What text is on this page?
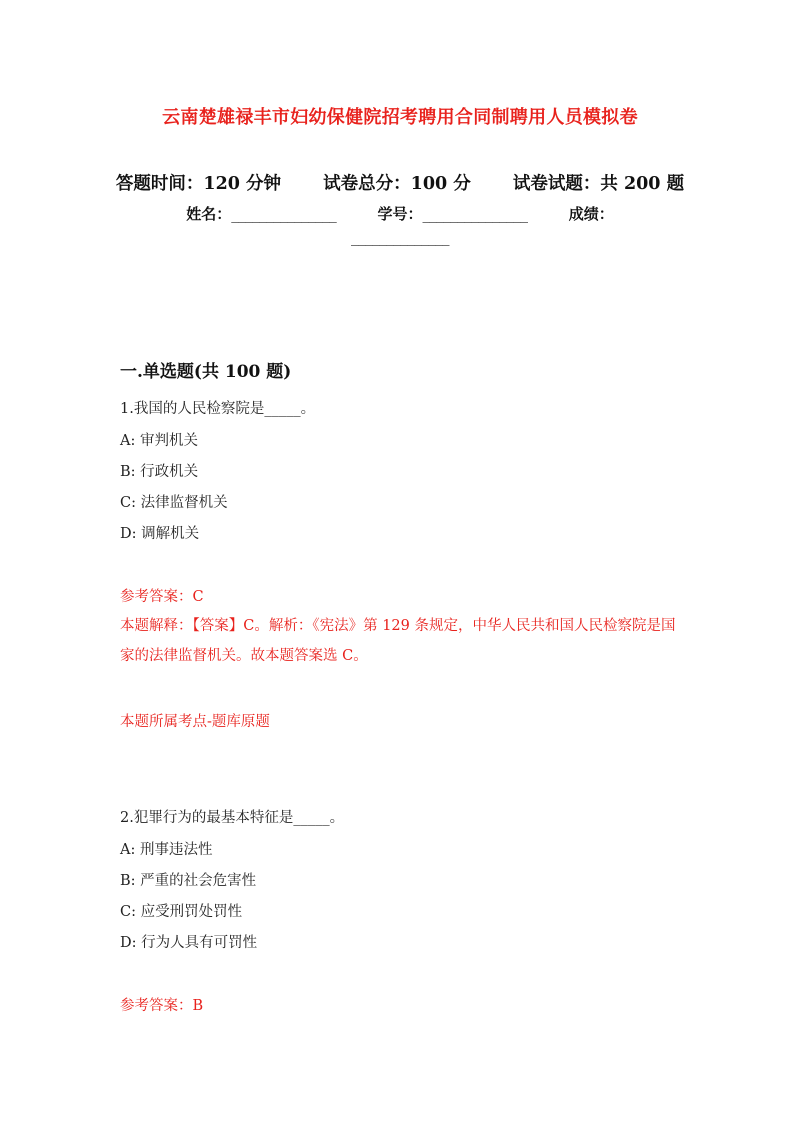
云南楚雄禄丰市妇幼保健院招考聘用合同制聘用人员模拟卷
答题时间：120 分钟 试卷总分：100 分 试卷试题：共 200 题
姓名：_______________	学号：_______________	成绩：
______________
一.单选题(共 100 题)
1.我国的人民检察院是_____。
A: 审判机关
B: 行政机关
C: 法律监督机关
D: 调解机关
参考答案：C
本题解释：【答案】C。解析：《宪法》第 129 条规定，中华人民共和国人民检察院是国家的法律监督机关。故本题答案选 C。
本题所属考点-题库原题
2.犯罪行为的最基本特征是_____。
A: 刑事违法性
B: 严重的社会危害性
C: 应受刑罚处罚性
D: 行为人具有可罚性
参考答案：B
